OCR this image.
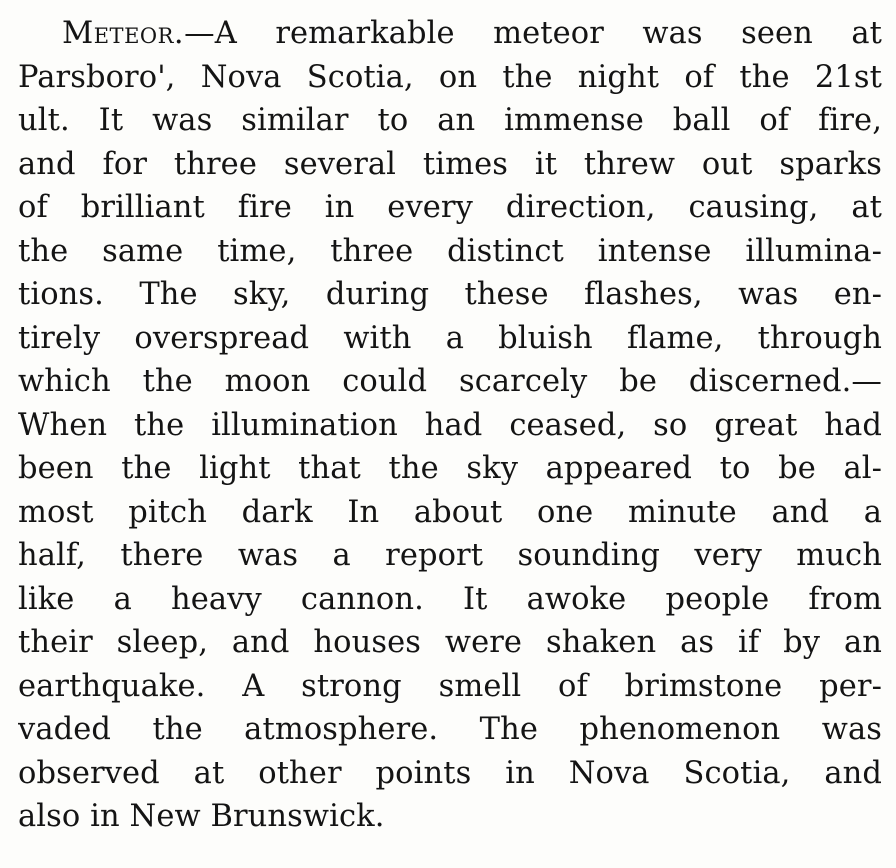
Meteor.—A remarkable meteor was seen at
Parsboro', Nova Scotia, on the night of the 21st
ult. It was similar to an immense ball of fire,
and for three several times it threw out sparks
of brilliant fire in every direction, causing, at
the same time, three distinct intense illumina-
tions. The sky, during these flashes, was en-
tirely overspread with a bluish flame, through
which the moon could scarcely be discerned.—
When the illumination had ceased, so great had
been the light that the sky appeared to be al-
most pitch dark In about one minute and a
half, there was a report sounding very much
like a heavy cannon. It awoke people from
their sleep, and houses were shaken as if by an
earthquake. A strong smell of brimstone per-
vaded the atmosphere. The phenomenon was
observed at other points in Nova Scotia, and
also in New Brunswick.
